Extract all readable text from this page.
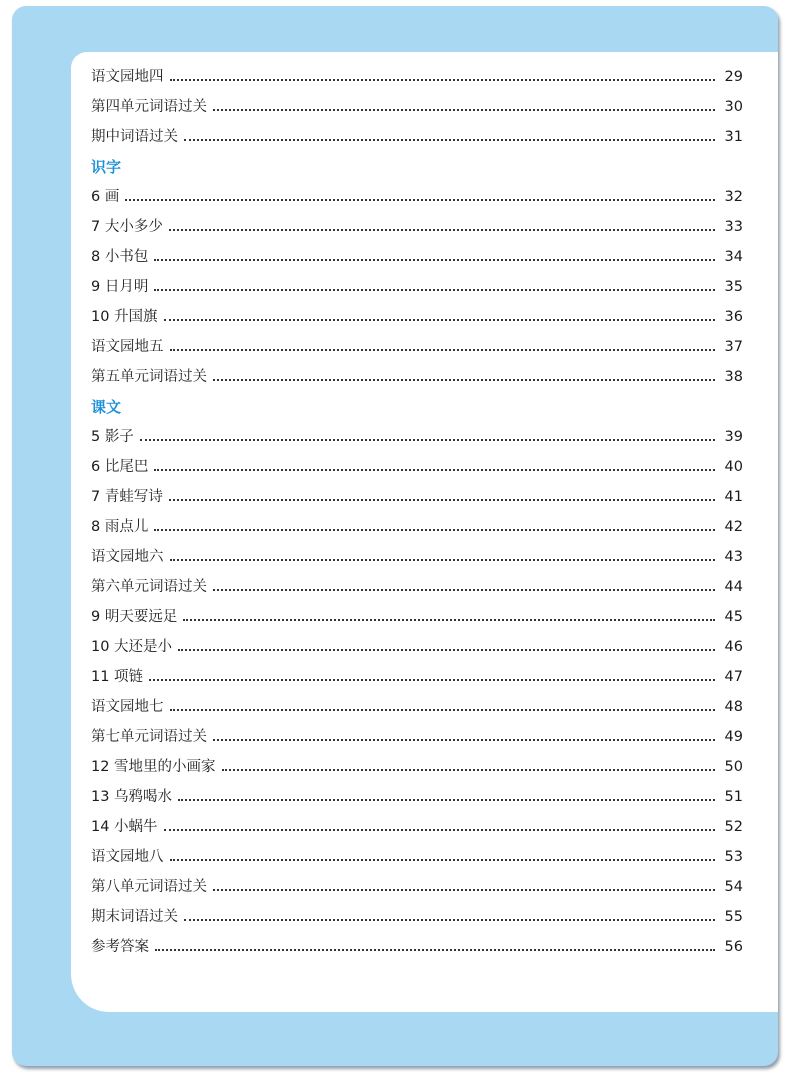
语文园地四	29
第四单元词语过关	30
期中词语过关	31
识字
6 画	32
7 大小多少	33
8 小书包	34
9 日月明	35
10 升国旗	36
语文园地五	37
第五单元词语过关	38
课文
5 影子	39
6 比尾巴	40
7 青蛙写诗	41
8 雨点儿	42
语文园地六	43
第六单元词语过关	44
9 明天要远足	45
10 大还是小	46
11 项链	47
语文园地七	48
第七单元词语过关	49
12 雪地里的小画家	50
13 乌鸦喝水	51
14 小蜗牛	52
语文园地八	53
第八单元词语过关	54
期末词语过关	55
参考答案	56
